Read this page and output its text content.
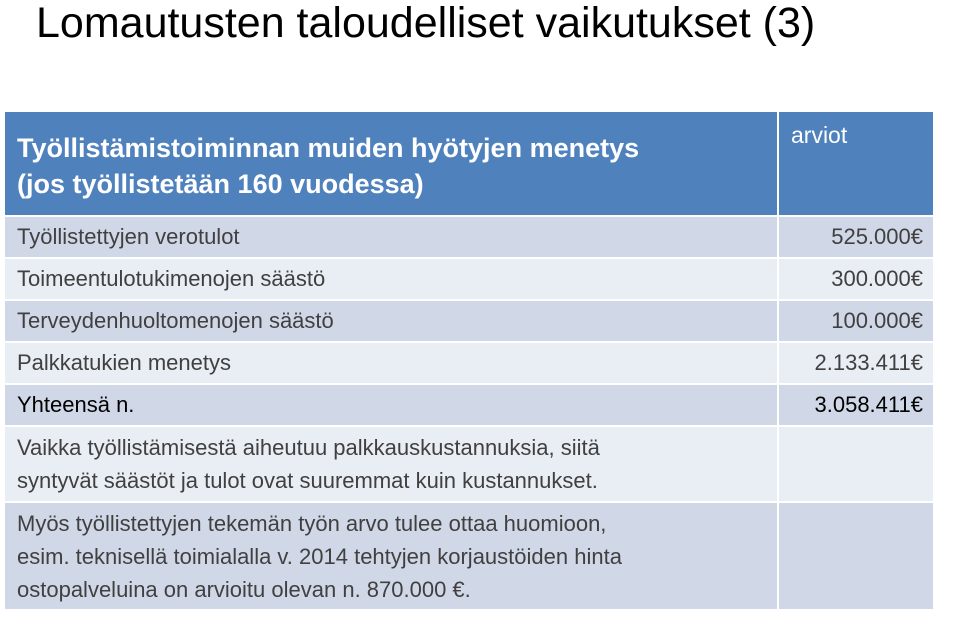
Lomautusten taloudelliset vaikutukset (3)
Työllistämistoiminnan muiden hyötyjen menetys
(jos työllistetään 160 vuodessa)	arviot
Työllistettyjen verotulot	525.000€
Toimeentulotukimenojen säästö	300.000€
Terveydenhuoltomenojen säästö	100.000€
Palkkatukien menetys	2.133.411€
Yhteensä n.	3.058.411€

Vaikka työllistämisestä aiheutuu palkkauskustannuksia, siitä
syntyvät säästöt ja tulot ovat suuremmat kuin kustannukset.	

Myös työllistettyjen tekemän työn arvo tulee ottaa huomioon,
esim. teknisellä toimialalla v. 2014 tehtyjen korjaustöiden hinta
ostopalveluina on arvioitu olevan n. 870.000 €.	
